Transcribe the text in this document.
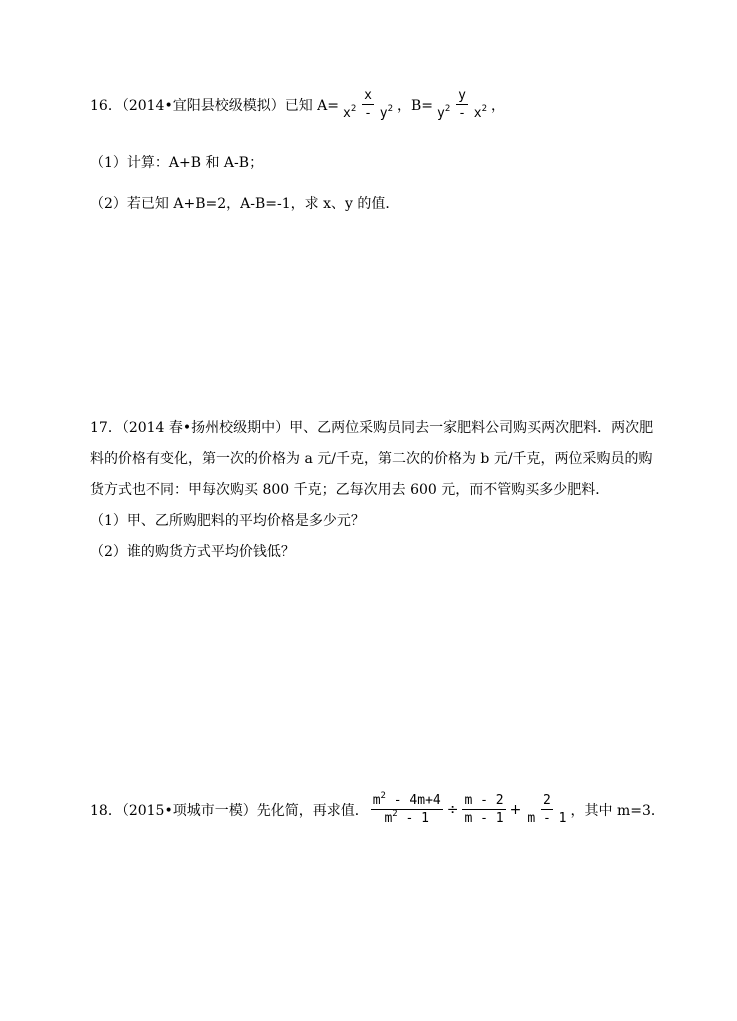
16．（2014•宜阳县校级模拟）已知 $A= \frac{x}{x^2 - y^2}$ ，$B= \frac{y}{y^2 - x^2}$ ，
（1）计算：A+B 和 A-B；
（2）若已知 A+B=2，A-B=-1，求 x、y 的值．
17．（2014 春•扬州校级期中）甲、乙两位采购员同去一家肥料公司购买两次肥料．两次肥
料的价格有变化，第一次的价格为 a 元/千克，第二次的价格为 b 元/千克，两位采购员的购
货方式也不同：甲每次购买 800 千克；乙每次用去 600 元，而不管购买多少肥料．
（1）甲、乙所购肥料的平均价格是多少元？
（2）谁的购货方式平均价钱低？
18．（2015•项城市一模）先化简，再求值． $\frac{m^2 - 4m+4}{m^2 - 1} \div \frac{m - 2}{m - 1} + \frac{2}{m - 1}$ ，其中 m=3．
